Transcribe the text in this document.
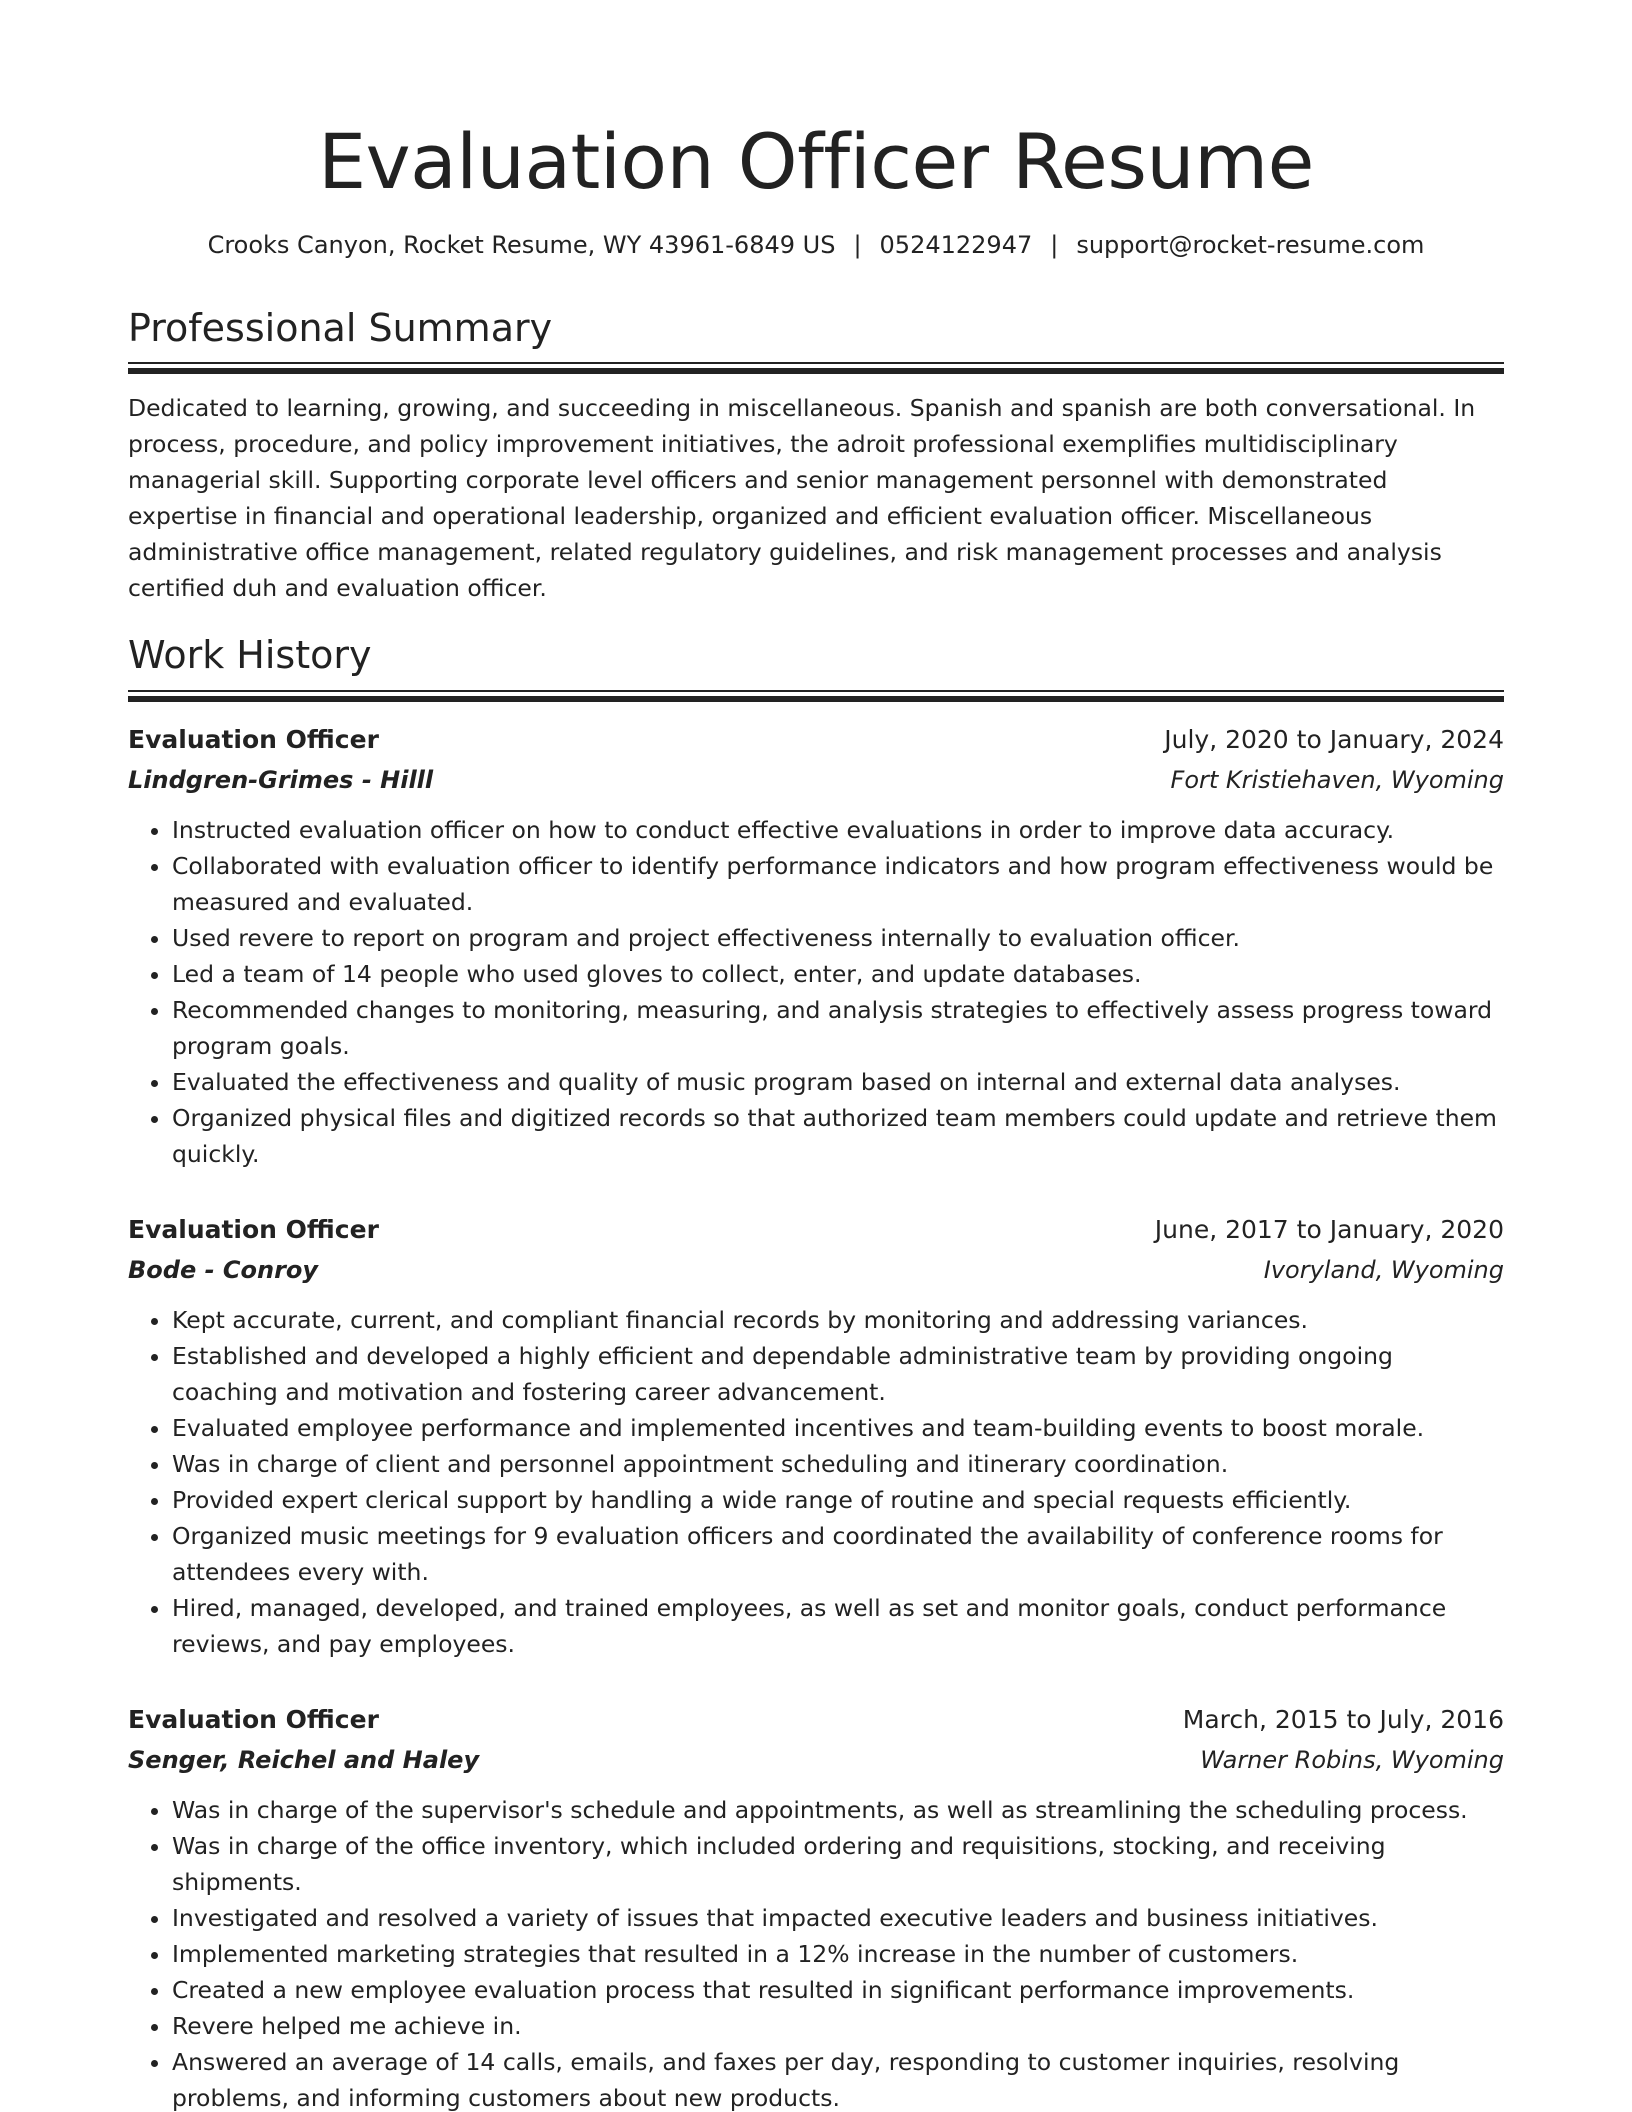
Evaluation Officer Resume
Crooks Canyon, Rocket Resume, WY 43961-6849 US | 0524122947 | support@rocket-resume.com
Professional Summary

Dedicated to learning, growing, and succeeding in miscellaneous. Spanish and spanish are both conversational. In process, procedure, and policy improvement initiatives, the adroit professional exemplifies multidisciplinary managerial skill. Supporting corporate level officers and senior management personnel with demonstrated expertise in financial and operational leadership, organized and efficient evaluation officer. Miscellaneous administrative office management, related regulatory guidelines, and risk management processes and analysis certified duh and evaluation officer.

Work History
Evaluation Officer	July, 2020 to January, 2024
Lindgren-Grimes - Hilll	Fort Kristiehaven, Wyoming
• Instructed evaluation officer on how to conduct effective evaluations in order to improve data accuracy.
• Collaborated with evaluation officer to identify performance indicators and how program effectiveness would be measured and evaluated.
• Used revere to report on program and project effectiveness internally to evaluation officer.
• Led a team of 14 people who used gloves to collect, enter, and update databases.
• Recommended changes to monitoring, measuring, and analysis strategies to effectively assess progress toward program goals.
• Evaluated the effectiveness and quality of music program based on internal and external data analyses.
• Organized physical files and digitized records so that authorized team members could update and retrieve them quickly.
Evaluation Officer	June, 2017 to January, 2020
Bode - Conroy	Ivoryland, Wyoming
• Kept accurate, current, and compliant financial records by monitoring and addressing variances.
• Established and developed a highly efficient and dependable administrative team by providing ongoing coaching and motivation and fostering career advancement.
• Evaluated employee performance and implemented incentives and team-building events to boost morale.
• Was in charge of client and personnel appointment scheduling and itinerary coordination.
• Provided expert clerical support by handling a wide range of routine and special requests efficiently.
• Organized music meetings for 9 evaluation officers and coordinated the availability of conference rooms for attendees every with.
• Hired, managed, developed, and trained employees, as well as set and monitor goals, conduct performance reviews, and pay employees.
Evaluation Officer	March, 2015 to July, 2016
Senger, Reichel and Haley	Warner Robins, Wyoming
• Was in charge of the supervisor's schedule and appointments, as well as streamlining the scheduling process.
• Was in charge of the office inventory, which included ordering and requisitions, stocking, and receiving shipments.
• Investigated and resolved a variety of issues that impacted executive leaders and business initiatives.
• Implemented marketing strategies that resulted in a 12% increase in the number of customers.
• Created a new employee evaluation process that resulted in significant performance improvements.
• Revere helped me achieve in.
• Answered an average of 14 calls, emails, and faxes per day, responding to customer inquiries, resolving problems, and informing customers about new products.
